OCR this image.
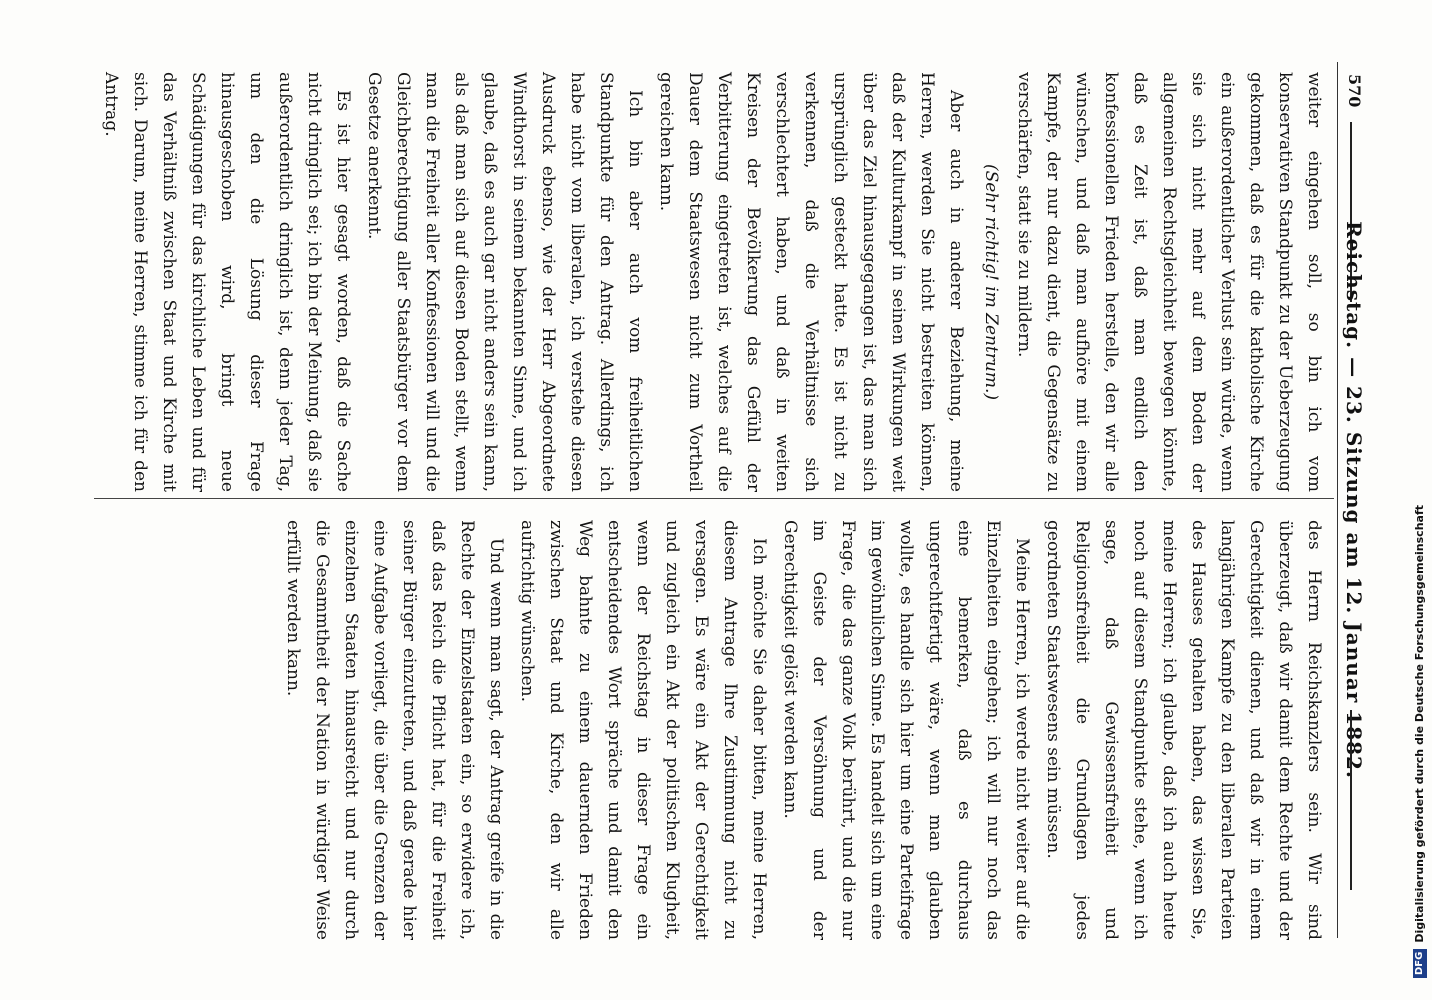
570
Reichstag. — 23. Sitzung am 12. Januar 1882.

weiter eingehen soll, so bin ich vom konservativen Standpunkt zu der Ueberzeugung gekommen, daß es für die katholische Kirche ein außerordentlicher Verlust sein würde, wenn sie sich nicht mehr auf dem Boden der allgemeinen Rechtsgleichheit bewegen könnte, daß es Zeit ist, daß man endlich den konfessionellen Frieden herstelle, den wir alle wünschen, und daß man aufhöre mit einem Kampfe, der nur dazu dient, die Gegensätze zu verschärfen, statt sie zu mildern.

(Sehr richtig! im Zentrum.)

Aber auch in anderer Beziehung, meine Herren, werden Sie nicht bestreiten können, daß der Kulturkampf in seinen Wirkungen weit über das Ziel hinausgegangen ist, das man sich ursprünglich gesteckt hatte. Es ist nicht zu verkennen, daß die Verhältnisse sich verschlechtert haben, und daß in weiten Kreisen der Bevölkerung das Gefühl der Verbitterung eingetreten ist, welches auf die Dauer dem Staatswesen nicht zum Vortheil gereichen kann.

Ich bin aber auch vom freiheitlichen Standpunkte für den Antrag. Allerdings, ich habe nicht vom liberalen, ich verstehe diesen Ausdruck ebenso, wie der Herr Abgeordnete Windthorst in seinem bekannten Sinne, und ich glaube, daß es auch gar nicht anders sein kann, als daß man sich auf diesen Boden stellt, wenn man die Freiheit aller Konfessionen will und die Gleichberechtigung aller Staatsbürger vor dem Gesetze anerkennt.

Es ist hier gesagt worden, daß die Sache nicht dringlich sei; ich bin der Meinung, daß sie außerordentlich dringlich ist, denn jeder Tag, um den die Lösung dieser Frage hinausgeschoben wird, bringt neue Schädigungen für das kirchliche Leben und für das Verhältniß zwischen Staat und Kirche mit sich. Darum, meine Herren, stimme ich für den Antrag.

des Herrn Reichskanzlers sein. Wir sind überzeugt, daß wir damit dem Rechte und der Gerechtigkeit dienen, und daß wir in einem langjährigen Kampfe zu den liberalen Parteien des Hauses gehalten haben, das wissen Sie, meine Herren; ich glaube, daß ich auch heute noch auf diesem Standpunkte stehe, wenn ich sage, daß Gewissensfreiheit und Religionsfreiheit die Grundlagen jedes geordneten Staatswesens sein müssen.

Meine Herren, ich werde nicht weiter auf die Einzelheiten eingehen; ich will nur noch das eine bemerken, daß es durchaus ungerechtfertigt wäre, wenn man glauben wollte, es handle sich hier um eine Parteifrage im gewöhnlichen Sinne. Es handelt sich um eine Frage, die das ganze Volk berührt, und die nur im Geiste der Versöhnung und der Gerechtigkeit gelöst werden kann.

Ich möchte Sie daher bitten, meine Herren, diesem Antrage Ihre Zustimmung nicht zu versagen. Es wäre ein Akt der Gerechtigkeit und zugleich ein Akt der politischen Klugheit, wenn der Reichstag in dieser Frage ein entscheidendes Wort spräche und damit den Weg bahnte zu einem dauernden Frieden zwischen Staat und Kirche, den wir alle aufrichtig wünschen.

Und wenn man sagt, der Antrag greife in die Rechte der Einzelstaaten ein, so erwidere ich, daß das Reich die Pflicht hat, für die Freiheit seiner Bürger einzutreten, und daß gerade hier eine Aufgabe vorliegt, die über die Grenzen der einzelnen Staaten hinausreicht und nur durch die Gesammtheit der Nation in würdiger Weise erfüllt werden kann.

DFG
Digitalisierung gefördert durch die Deutsche Forschungsgemeinschaft
